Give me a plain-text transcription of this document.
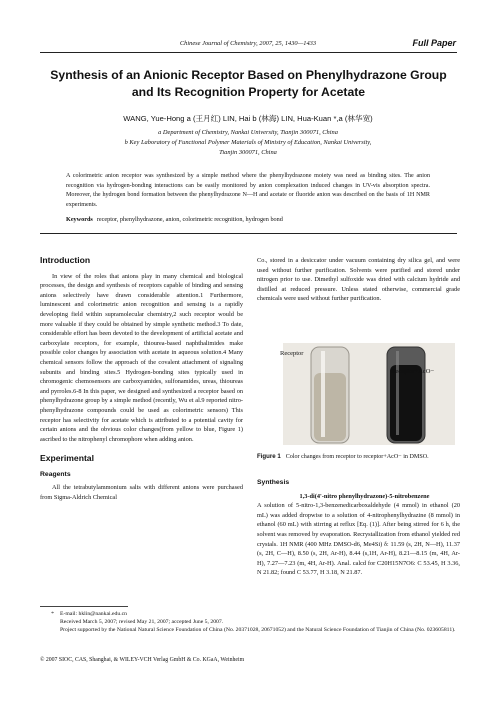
Chinese Journal of Chemistry, 2007, 25, 1430—1433	Full Paper
Synthesis of an Anionic Receptor Based on Phenylhydrazone Group and Its Recognition Property for Acetate
WANG, Yue-Hong a (王月红) LIN, Hai b (林海) LIN, Hua-Kuan *,a (林华宽)
a Department of Chemistry, Nankai University, Tianjin 300071, China
b Key Laboratory of Functional Polymer Materials of Ministry of Education, Nankai University,
Tianjin 300071, China
A colorimetric anion receptor was synthesized by a simple method where the phenylhydrazone moiety was need as binding sites. The anion recognition via hydrogen-bonding interactions can be easily monitored by anion complexation induced changes in UV-vis absorption spectra. Moreover, the hydrogen bond formation between the phenylhydrazone N—H and acetate or fluoride anion was described on the basis of 1H NMR experiments.
Keywords receptor, phenylhydrazone, anion, colorimetric recognition, hydrogen bond
Introduction

In view of the roles that anions play in many chemical and biological processes, the design and synthesis of receptors capable of binding and sensing anions selectively have drawn considerable attention.1 Furthermore, luminescent and colorimetric anion recognition and sensing is a rapidly developing field within supramolecular chemistry,2 such receptor would be more valuable if they could be obtained by simple synthetic method.3 To date, considerable effort has been devoted to the development of artificial acetate and carboxylate receptors, for example, thiourea-based naphthalimides make possible color changes by association with acetate in aqueous solution.4 Many chemical sensors follow the approach of the covalent attachment of signaling subunits and binding sites.5 Hydrogen-bonding sites typically used in chromogenic chemosensors are carboxyamides, sulfonamides, ureas, thioureas and pyrroles.6-8 In this paper, we designed and synthesized a receptor based on phenylhydrazone group by a simple method (recently, Wu et al.9 reported nitro-phenylhydrazone compounds could be used as colorimetric sensors) This receptor has selectivity for acetate which is attributed to a potential cavity for certain anions and the obvious color changes(from yellow to blue, Figure 1) ascribed to the nitrophenyl chromophore when adding anion.

Experimental
Reagents

All the tetrabutylammonium salts with different anions were purchased from Sigma-Aldrich Chemical

Co., stored in a desiccator under vacuum containing dry silica gel, and were used without further purification. Solvents were purified and stored under nitrogen prior to use. Dimethyl sulfoxide was dried with calcium hydride and distilled at reduced pressure. Unless stated otherwise, commercial grade chemicals were used without further purification.

Receptor
Receptor+AcO−
Figure 1 Color changes from receptor to receptor+AcO− in DMSO.
Synthesis

1,3-di(4'-nitro phenylhydrazone)-5-nitrobenzene

A solution of 5-nitro-1,3-benzenedicarboxaldehyde (4 mmol) in ethanol (20 mL) was added dropwise to a solution of 4-nitrophenylhydrazine (8 mmol) in ethanol (60 mL) with stirring at reflux [Eq. (1)]. After being stirred for 6 h, the solvent was removed by evaporation. Recrystallization from ethanol yielded red crystals. 1H NMR (400 MHz DMSO-d6, Me4Si) δ: 11.59 (s, 2H, N—H), 11.37 (s, 2H, C—H), 8.50 (s, 2H, Ar-H), 8.44 (s,1H, Ar-H), 8.21—8.15 (m, 4H, Ar-H), 7.27—7.23 (m, 4H, Ar-H). Anal. calcd for C20H15N7O6: C 53.45, H 3.36, N 21.82; found C 53.77, H 3.18, N 21.87.

* E-mail: hklin@nankai.edu.cn
Received March 5, 2007; revised May 21, 2007; accepted June 5, 2007.
Project supported by the National Natural Science Foundation of China (No. 20371028, 20671052) and the Natural Science Foundation of Tianjin of China (No. 023605811).
© 2007 SIOC, CAS, Shanghai, & WILEY-VCH Verlag GmbH & Co. KGaA, Weinheim
